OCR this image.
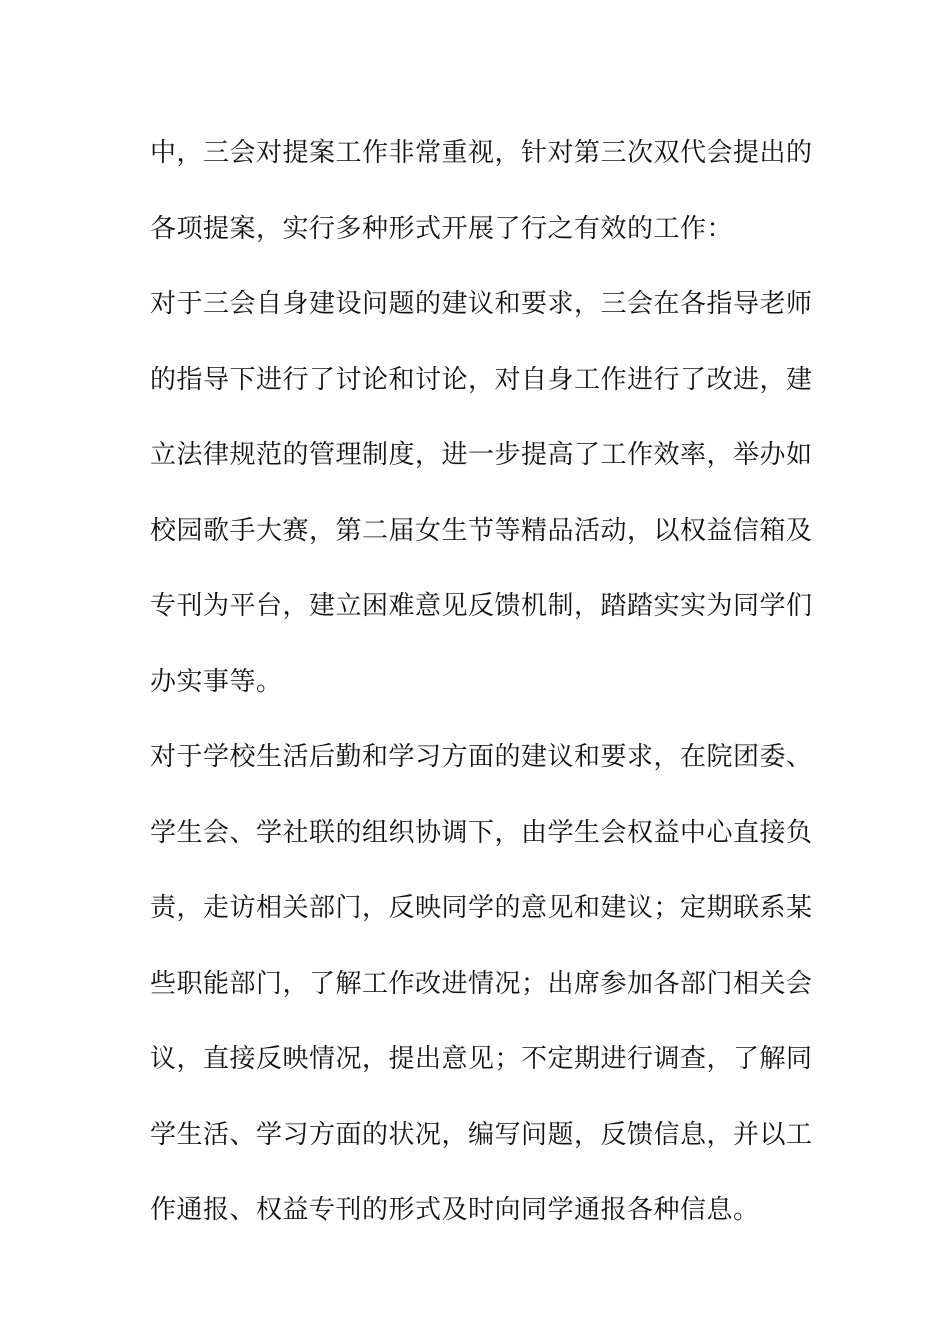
中，三会对提案工作非常重视，针对第三次双代会提出的
各项提案，实行多种形式开展了行之有效的工作：
对于三会自身建设问题的建议和要求，三会在各指导老师
的指导下进行了讨论和讨论，对自身工作进行了改进，建
立法律规范的管理制度，进一步提高了工作效率，举办如
校园歌手大赛，第二届女生节等精品活动，以权益信箱及
专刊为平台，建立困难意见反馈机制，踏踏实实为同学们
办实事等。
对于学校生活后勤和学习方面的建议和要求，在院团委、
学生会、学社联的组织协调下，由学生会权益中心直接负
责，走访相关部门，反映同学的意见和建议；定期联系某
些职能部门，了解工作改进情况；出席参加各部门相关会
议，直接反映情况，提出意见；不定期进行调查，了解同
学生活、学习方面的状况，编写问题，反馈信息，并以工
作通报、权益专刊的形式及时向同学通报各种信息。
